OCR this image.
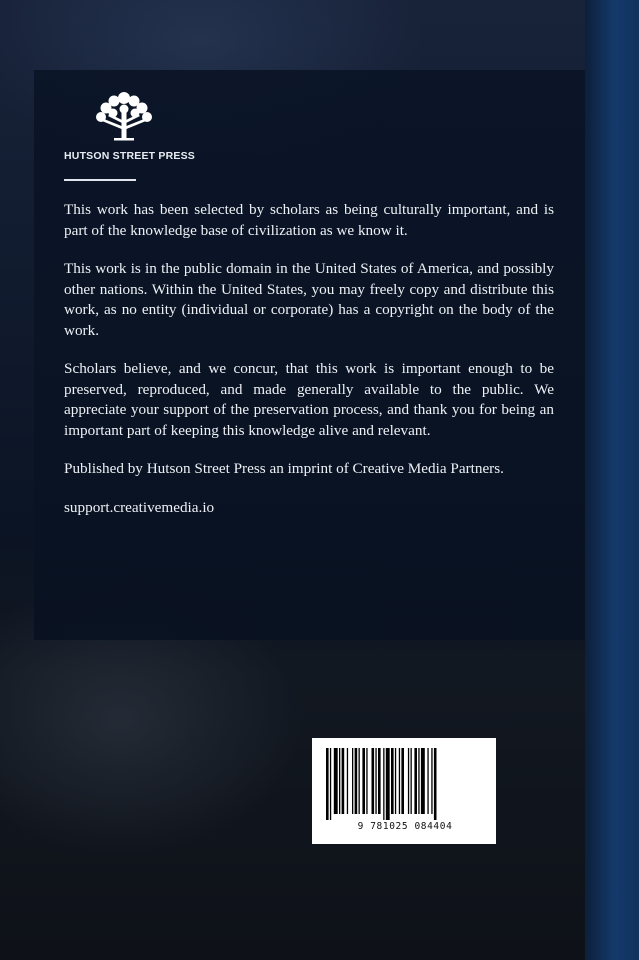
HUTSON STREET PRESS

This work has been selected by scholars as being culturally important, and is part of the knowledge base of civilization as we know it.

This work is in the public domain in the United States of America, and possibly other nations. Within the United States, you may freely copy and distribute this work, as no entity (individual or corporate) has a copyright on the body of the work.

Scholars believe, and we concur, that this work is important enough to be preserved, reproduced, and made generally available to the public. We appreciate your support of the preservation process, and thank you for being an important part of keeping this knowledge alive and relevant.

Published by Hutson Street Press an imprint of Creative Media Partners.

support.creativemedia.io

9 781025 084404
